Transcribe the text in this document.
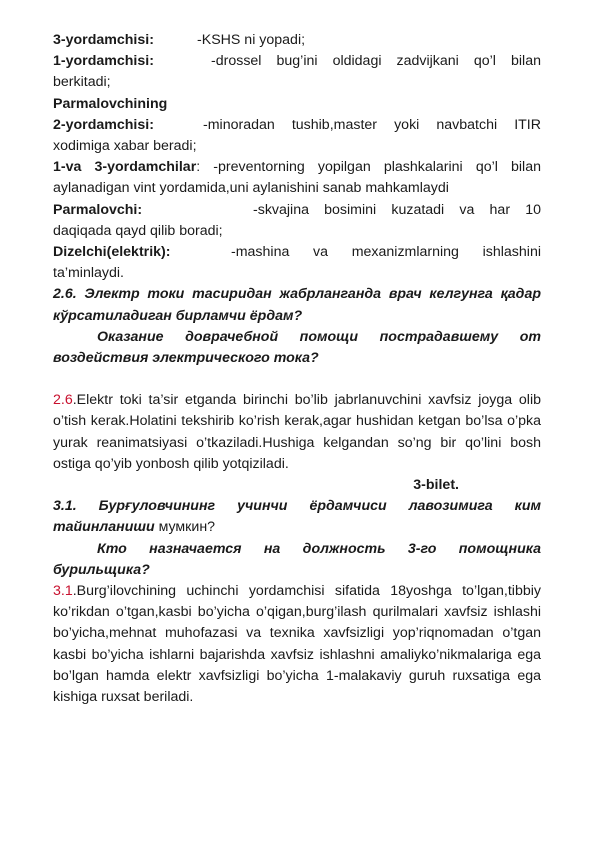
3-yordamchisi:	-KSHS ni yopadi;

1-yordamchisi:	-drossel bug’ini oldidagi zadvijkani qo’l bilan berkitadi;

Parmalovchining

2-yordamchisi:	-minoradan tushib,master yoki navbatchi ITIR xodimiga xabar beradi;

1-va 3-yordamchilar: -preventorning yopilgan plashkalarini qo’l bilan aylanadigan vint yordamida,uni aylanishini sanab mahkamlaydi

Parmalovchi:	-skvajina bosimini kuzatadi va har 10 daqiqada qayd qilib boradi;

Dizelchi(elektrik):	-mashina va mexanizmlarning ishlashini ta’minlaydi.

2.6. Электр токи тасиридан жабрланганда врач келгунга қадар кўрсатиладиган бирламчи ёрдам?

Оказание доврачебной помощи пострадавшему от воздействия электрического тока?

2.6.Elektr toki ta’sir etganda birinchi bo’lib jabrlanuvchini xavfsiz joyga olib o’tish kerak.Holatini tekshirib ko’rish kerak,agar hushidan ketgan bo’lsa o’pka yurak reanimatsiyasi o’tkaziladi.Hushiga kelgandan so’ng bir qo’lini bosh ostiga qo’yib yonbosh qilib yotqiziladi.

3-bilet.

3.1. Бурғуловчининг учинчи ёрдамчиси лавозимига ким тайинланиши мумкин?

Кто назначается на должность 3-го помощника бурильщика?

3.1.Burg’ilovchining uchinchi yordamchisi sifatida 18yoshga to’lgan,tibbiy ko’rikdan o’tgan,kasbi bo’yicha o’qigan,burg’ilash qurilmalari xavfsiz ishlashi bo’yicha,mehnat muhofazasi va texnika xavfsizligi yop’riqnomadan o’tgan kasbi bo’yicha ishlarni bajarishda xavfsiz ishlashni amaliyko’nikmalariga ega bo’lgan hamda elektr xavfsizligi bo’yicha 1-malakaviy guruh ruxsatiga ega kishiga ruxsat beriladi.
